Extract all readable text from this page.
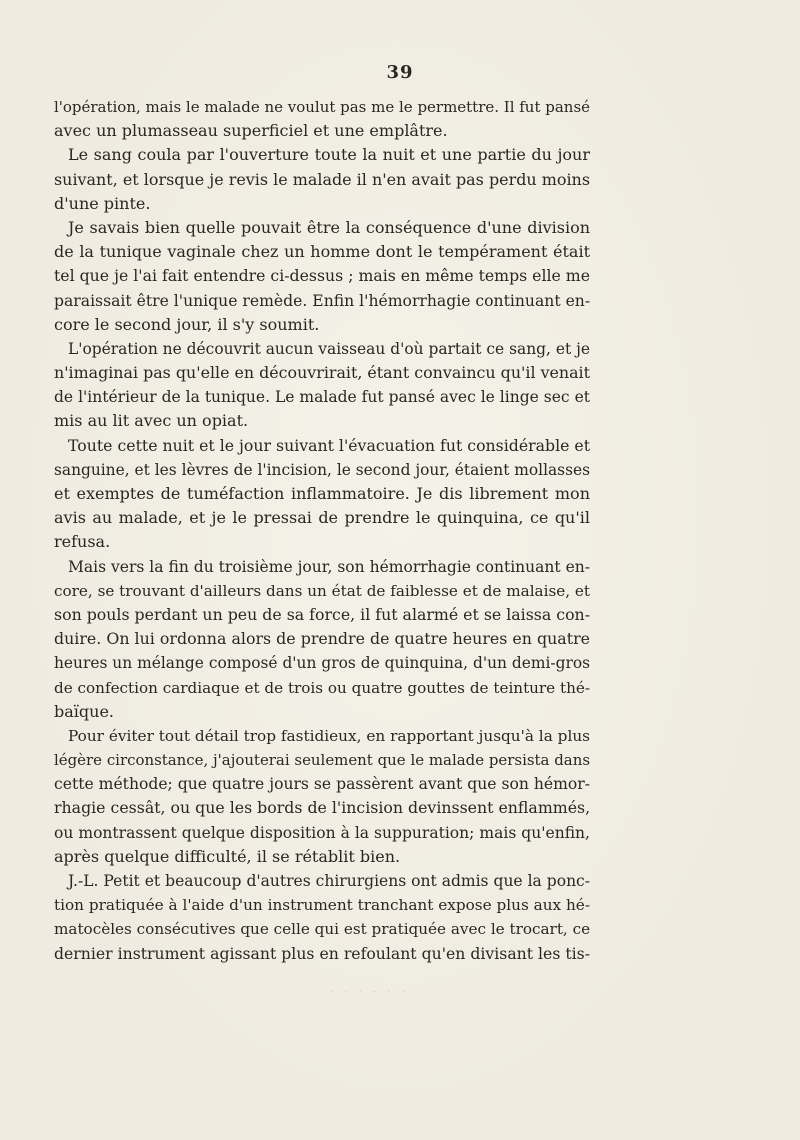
39
l'opération, mais le malade ne voulut pas me le permettre. Il fut pansé
avec un plumasseau superficiel et une emplâtre.
Le sang coula par l'ouverture toute la nuit et une partie du jour
suivant, et lorsque je revis le malade il n'en avait pas perdu moins
d'une pinte.
Je savais bien quelle pouvait être la conséquence d'une division
de la tunique vaginale chez un homme dont le tempérament était
tel que je l'ai fait entendre ci-dessus ; mais en même temps elle me
paraissait être l'unique remède. Enfin l'hémorrhagie continuant en-
core le second jour, il s'y soumit.
L'opération ne découvrit aucun vaisseau d'où partait ce sang, et je
n'imaginai pas qu'elle en découvrirait, étant convaincu qu'il venait
de l'intérieur de la tunique. Le malade fut pansé avec le linge sec et
mis au lit avec un opiat.
Toute cette nuit et le jour suivant l'évacuation fut considérable et
sanguine, et les lèvres de l'incision, le second jour, étaient mollasses
et exemptes de tuméfaction inflammatoire. Je dis librement mon
avis au malade, et je le pressai de prendre le quinquina, ce qu'il
refusa.
Mais vers la fin du troisième jour, son hémorrhagie continuant en-
core, se trouvant d'ailleurs dans un état de faiblesse et de malaise, et
son pouls perdant un peu de sa force, il fut alarmé et se laissa con-
duire. On lui ordonna alors de prendre de quatre heures en quatre
heures un mélange composé d'un gros de quinquina, d'un demi-gros
de confection cardiaque et de trois ou quatre gouttes de teinture thé-
baïque.
Pour éviter tout détail trop fastidieux, en rapportant jusqu'à la plus
légère circonstance, j'ajouterai seulement que le malade persista dans
cette méthode; que quatre jours se passèrent avant que son hémor-
rhagie cessât, ou que les bords de l'incision devinssent enflammés,
ou montrassent quelque disposition à la suppuration; mais qu'enfin,
après quelque difficulté, il se rétablit bien.
J.-L. Petit et beaucoup d'autres chirurgiens ont admis que la ponc-
tion pratiquée à l'aide d'un instrument tranchant expose plus aux hé-
matocèles consécutives que celle qui est pratiquée avec le trocart, ce
dernier instrument agissant plus en refoulant qu'en divisant les tis-
· · · · · ·
